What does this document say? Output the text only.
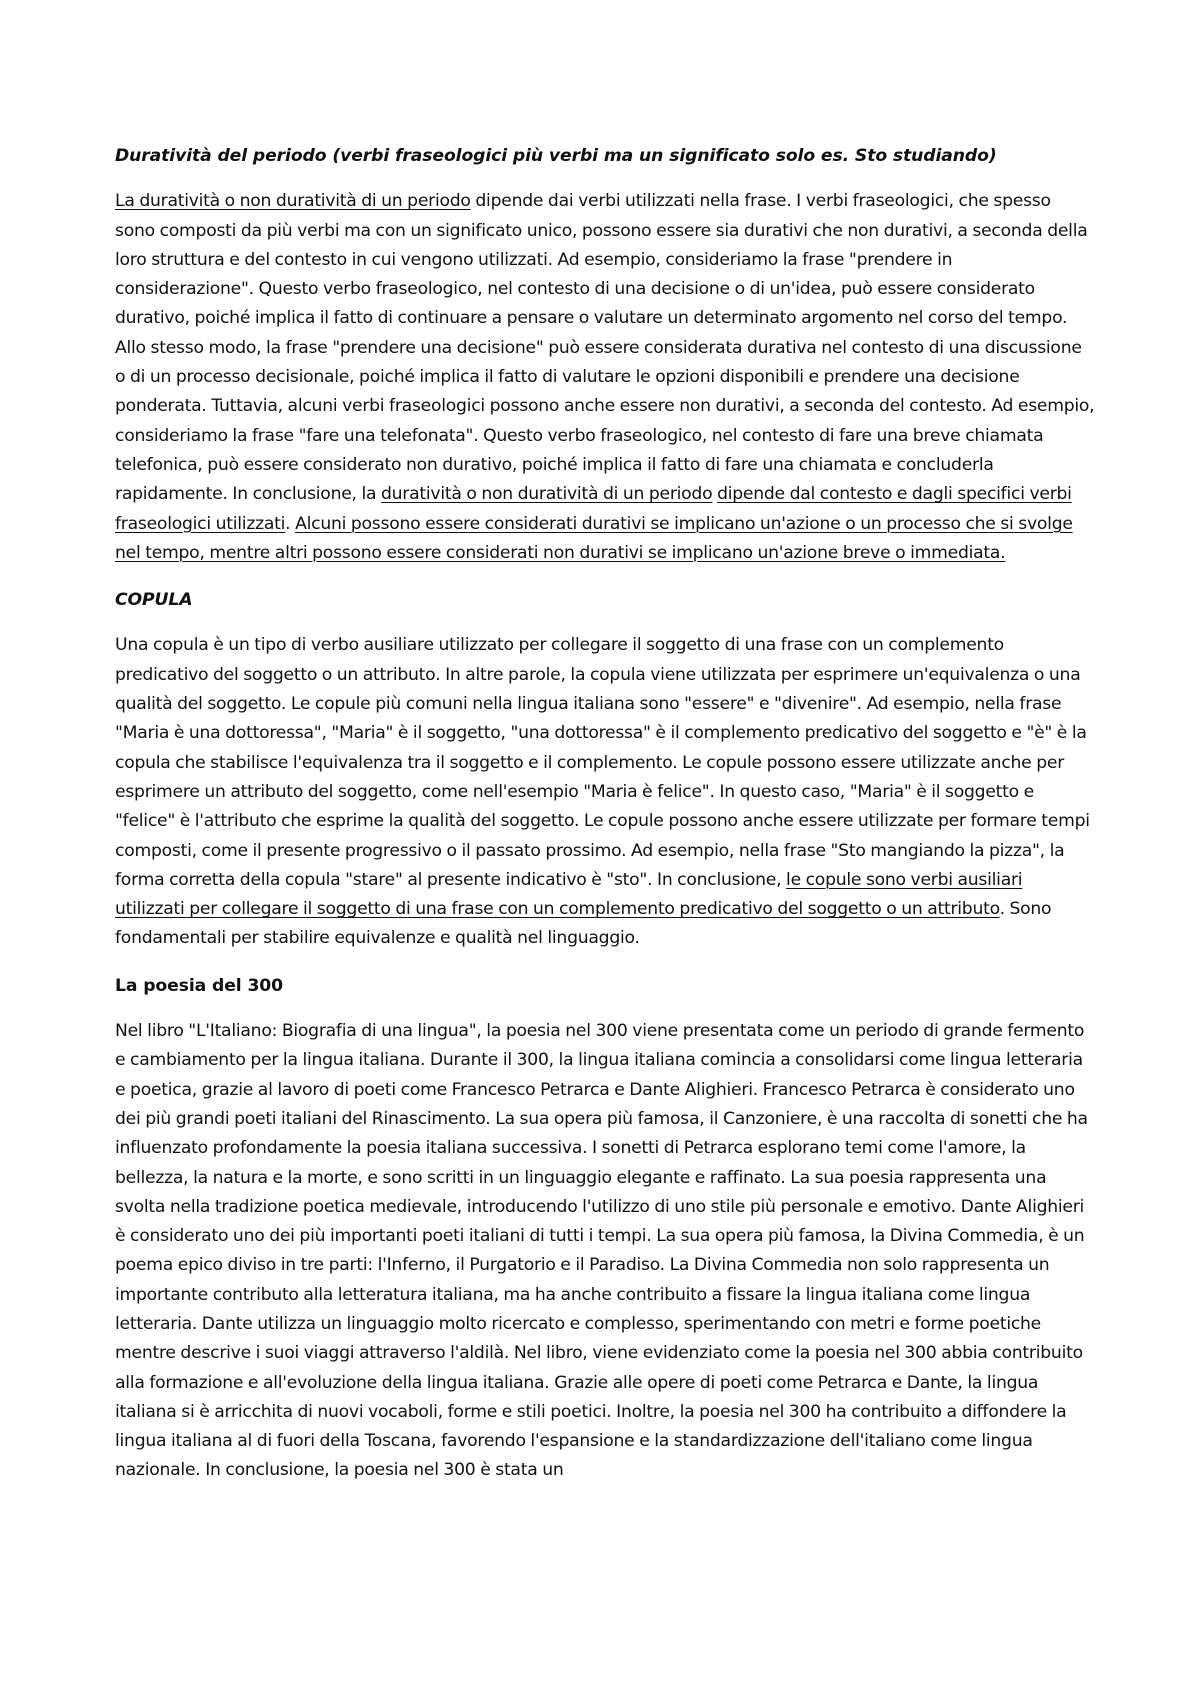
Duratività del periodo (verbi fraseologici più verbi ma un significato solo es. Sto studiando)

La duratività o non duratività di un periodo dipende dai verbi utilizzati nella frase. I verbi fraseologici, che spesso sono composti da più verbi ma con un significato unico, possono essere sia durativi che non durativi, a seconda della loro struttura e del contesto in cui vengono utilizzati. Ad esempio, consideriamo la frase "prendere in considerazione". Questo verbo fraseologico, nel contesto di una decisione o di un'idea, può essere considerato durativo, poiché implica il fatto di continuare a pensare o valutare un determinato argomento nel corso del tempo. Allo stesso modo, la frase "prendere una decisione" può essere considerata durativa nel contesto di una discussione o di un processo decisionale, poiché implica il fatto di valutare le opzioni disponibili e prendere una decisione ponderata. Tuttavia, alcuni verbi fraseologici possono anche essere non durativi, a seconda del contesto. Ad esempio, consideriamo la frase "fare una telefonata". Questo verbo fraseologico, nel contesto di fare una breve chiamata telefonica, può essere considerato non durativo, poiché implica il fatto di fare una chiamata e concluderla rapidamente. In conclusione, la duratività o non duratività di un periodo dipende dal contesto e dagli specifici verbi fraseologici utilizzati. Alcuni possono essere considerati durativi se implicano un'azione o un processo che si svolge nel tempo, mentre altri possono essere considerati non durativi se implicano un'azione breve o immediata.

COPULA

Una copula è un tipo di verbo ausiliare utilizzato per collegare il soggetto di una frase con un complemento predicativo del soggetto o un attributo. In altre parole, la copula viene utilizzata per esprimere un'equivalenza o una qualità del soggetto. Le copule più comuni nella lingua italiana sono "essere" e "divenire". Ad esempio, nella frase "Maria è una dottoressa", "Maria" è il soggetto, "una dottoressa" è il complemento predicativo del soggetto e "è" è la copula che stabilisce l'equivalenza tra il soggetto e il complemento. Le copule possono essere utilizzate anche per esprimere un attributo del soggetto, come nell'esempio "Maria è felice". In questo caso, "Maria" è il soggetto e "felice" è l'attributo che esprime la qualità del soggetto. Le copule possono anche essere utilizzate per formare tempi composti, come il presente progressivo o il passato prossimo. Ad esempio, nella frase "Sto mangiando la pizza", la forma corretta della copula "stare" al presente indicativo è "sto". In conclusione, le copule sono verbi ausiliari utilizzati per collegare il soggetto di una frase con un complemento predicativo del soggetto o un attributo. Sono fondamentali per stabilire equivalenze e qualità nel linguaggio.

La poesia del 300

Nel libro "L'Italiano: Biografia di una lingua", la poesia nel 300 viene presentata come un periodo di grande fermento e cambiamento per la lingua italiana. Durante il 300, la lingua italiana comincia a consolidarsi come lingua letteraria e poetica, grazie al lavoro di poeti come Francesco Petrarca e Dante Alighieri. Francesco Petrarca è considerato uno dei più grandi poeti italiani del Rinascimento. La sua opera più famosa, il Canzoniere, è una raccolta di sonetti che ha influenzato profondamente la poesia italiana successiva. I sonetti di Petrarca esplorano temi come l'amore, la bellezza, la natura e la morte, e sono scritti in un linguaggio elegante e raffinato. La sua poesia rappresenta una svolta nella tradizione poetica medievale, introducendo l'utilizzo di uno stile più personale e emotivo. Dante Alighieri è considerato uno dei più importanti poeti italiani di tutti i tempi. La sua opera più famosa, la Divina Commedia, è un poema epico diviso in tre parti: l'Inferno, il Purgatorio e il Paradiso. La Divina Commedia non solo rappresenta un importante contributo alla letteratura italiana, ma ha anche contribuito a fissare la lingua italiana come lingua letteraria. Dante utilizza un linguaggio molto ricercato e complesso, sperimentando con metri e forme poetiche mentre descrive i suoi viaggi attraverso l'aldilà. Nel libro, viene evidenziato come la poesia nel 300 abbia contribuito alla formazione e all'evoluzione della lingua italiana. Grazie alle opere di poeti come Petrarca e Dante, la lingua italiana si è arricchita di nuovi vocaboli, forme e stili poetici. Inoltre, la poesia nel 300 ha contribuito a diffondere la lingua italiana al di fuori della Toscana, favorendo l'espansione e la standardizzazione dell'italiano come lingua nazionale. In conclusione, la poesia nel 300 è stata un
